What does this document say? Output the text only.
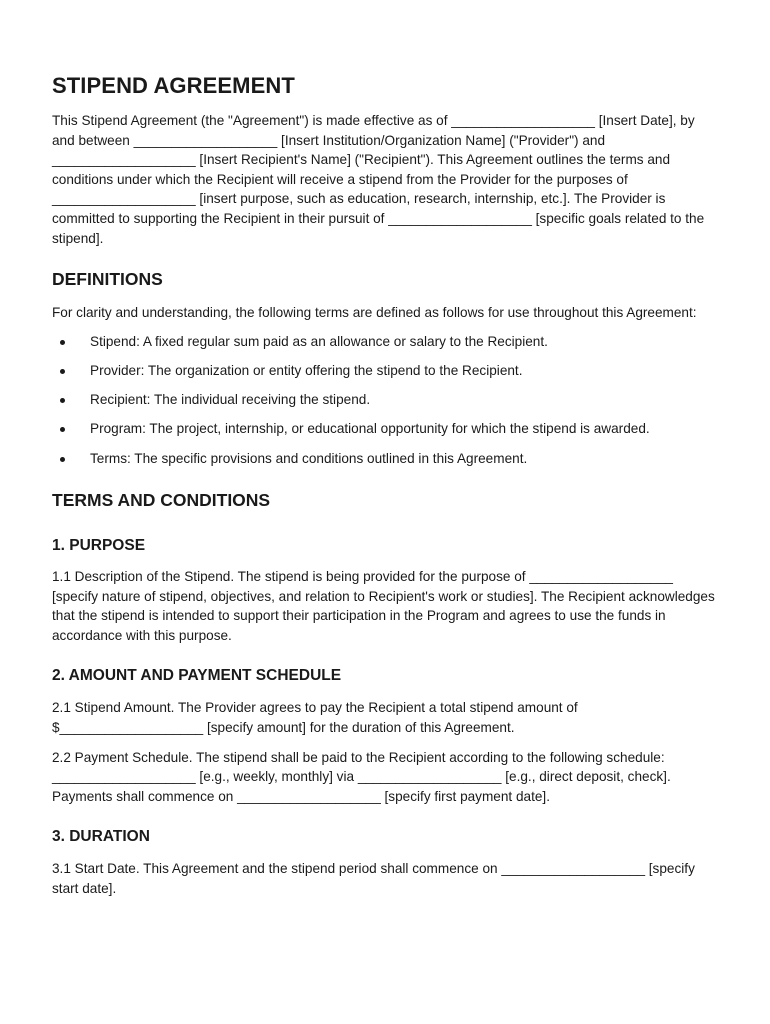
STIPEND AGREEMENT

This Stipend Agreement (the "Agreement") is made effective as of ___________________ [Insert Date], by and between ___________________ [Insert Institution/Organization Name] ("Provider") and ___________________ [Insert Recipient's Name] ("Recipient"). This Agreement outlines the terms and conditions under which the Recipient will receive a stipend from the Provider for the purposes of ___________________ [insert purpose, such as education, research, internship, etc.]. The Provider is committed to supporting the Recipient in their pursuit of ___________________ [specific goals related to the stipend].

DEFINITIONS

For clarity and understanding, the following terms are defined as follows for use throughout this Agreement:

Stipend: A fixed regular sum paid as an allowance or salary to the Recipient.
Provider: The organization or entity offering the stipend to the Recipient.
Recipient: The individual receiving the stipend.
Program: The project, internship, or educational opportunity for which the stipend is awarded.
Terms: The specific provisions and conditions outlined in this Agreement.
TERMS AND CONDITIONS
1. PURPOSE

1.1 Description of the Stipend. The stipend is being provided for the purpose of ___________________ [specify nature of stipend, objectives, and relation to Recipient's work or studies]. The Recipient acknowledges that the stipend is intended to support their participation in the Program and agrees to use the funds in accordance with this purpose.

2. AMOUNT AND PAYMENT SCHEDULE

2.1 Stipend Amount. The Provider agrees to pay the Recipient a total stipend amount of $___________________ [specify amount] for the duration of this Agreement.

2.2 Payment Schedule. The stipend shall be paid to the Recipient according to the following schedule: ___________________ [e.g., weekly, monthly] via ___________________ [e.g., direct deposit, check]. Payments shall commence on ___________________ [specify first payment date].

3. DURATION

3.1 Start Date. This Agreement and the stipend period shall commence on ___________________ [specify start date].
